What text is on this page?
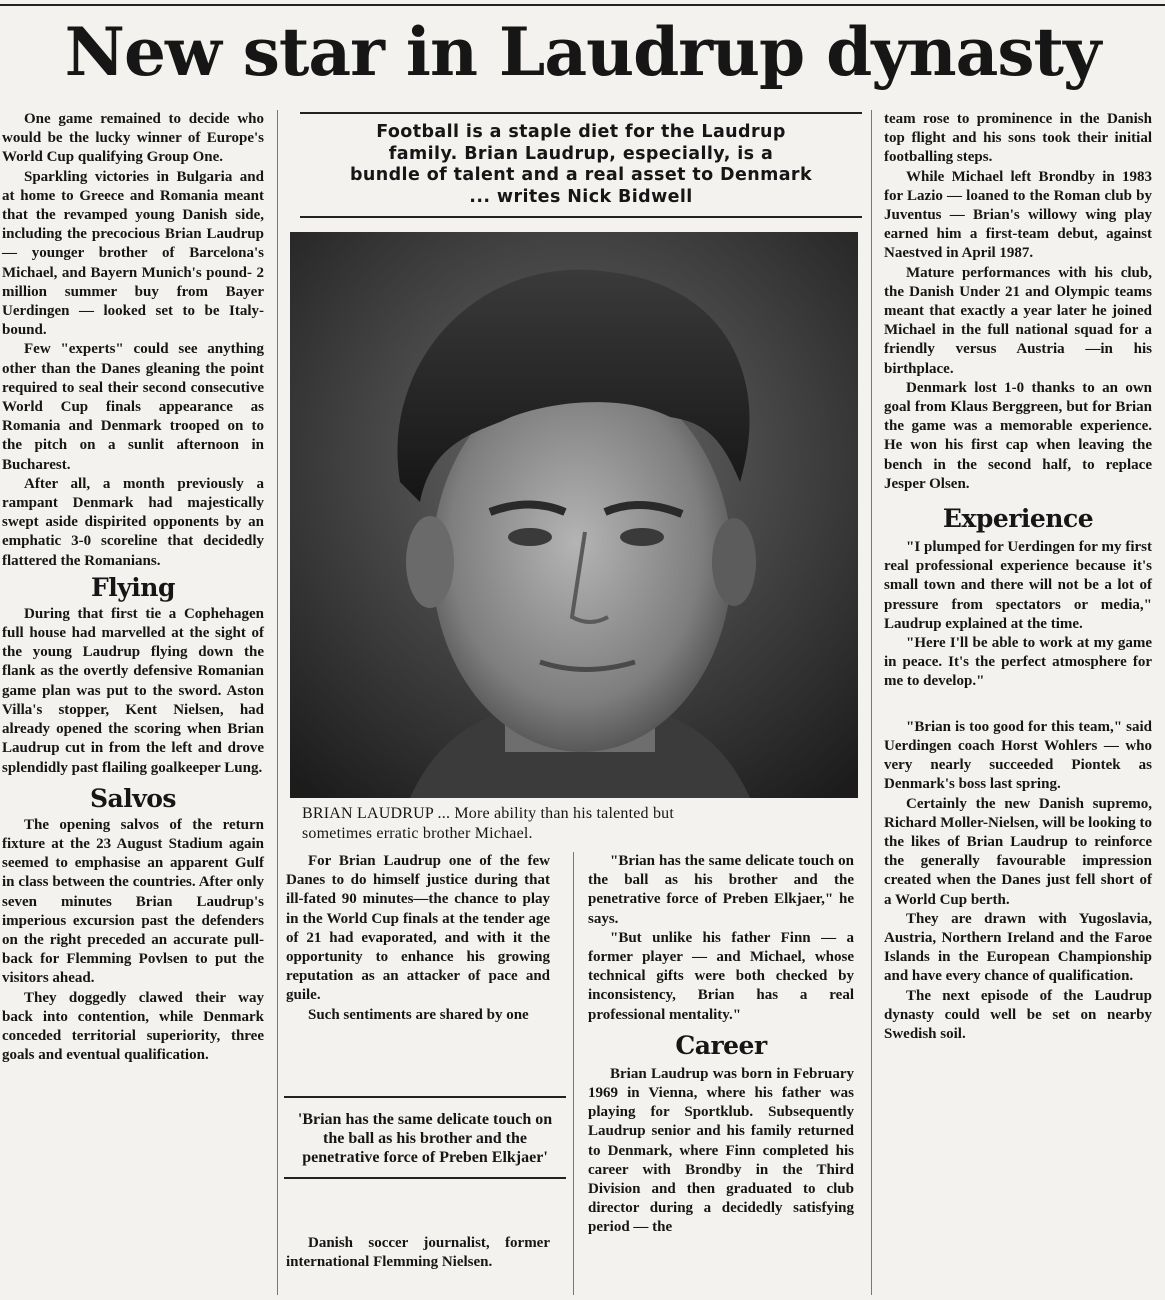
New star in Laudrup dynasty

One game remained to decide who would be the lucky winner of Europe's World Cup qualifying Group One.

Sparkling victories in Bulgaria and at home to Greece and Romania meant that the revamped young Danish side, including the precocious Brian Laudrup — younger brother of Barcelona's Michael, and Bayern Munich's pound- 2 million summer buy from Bayer Uerdingen — looked set to be Italy-bound.

Few "experts" could see anything other than the Danes gleaning the point required to seal their second consecutive World Cup finals appearance as Romania and Denmark trooped on to the pitch on a sunlit afternoon in Bucharest.

After all, a month previously a rampant Denmark had majestically swept aside dispirited opponents by an emphatic 3-0 scoreline that decidedly flattered the Romanians.

Flying

During that first tie a Cophehagen full house had marvelled at the sight of the young Laudrup flying down the flank as the overtly defensive Romanian game plan was put to the sword. Aston Villa's stopper, Kent Nielsen, had already opened the scoring when Brian Laudrup cut in from the left and drove splendidly past flailing goalkeeper Lung.

Salvos

The opening salvos of the return fixture at the 23 August Stadium again seemed to emphasise an apparent Gulf in class between the countries. After only seven minutes Brian Laudrup's imperious excursion past the defenders on the right preceded an accurate pull-back for Flemming Povlsen to put the visitors ahead.

They doggedly clawed their way back into contention, while Denmark conceded territorial superiority, three goals and eventual qualification.

Football is a staple diet for the Laudrup
family. Brian Laudrup, especially, is a
bundle of talent and a real asset to Denmark
... writes Nick Bidwell
BRIAN LAUDRUP ... More ability than his talented but
sometimes erratic brother Michael.

For Brian Laudrup one of the few Danes to do himself justice during that ill-fated 90 minutes—the chance to play in the World Cup finals at the tender age of 21 had evaporated, and with it the opportunity to enhance his growing reputation as an attacker of pace and guile.

Such sentiments are shared by one

'Brian has the same delicate touch on the ball as his brother and the penetrative force of Preben Elkjaer'

Danish soccer journalist, former international Flemming Nielsen.

"Brian has the same delicate touch on the ball as his brother and the penetrative force of Preben Elkjaer," he says.

"But unlike his father Finn — a former player — and Michael, whose technical gifts were both checked by inconsistency, Brian has a real professional mentality."

Career

Brian Laudrup was born in February 1969 in Vienna, where his father was playing for Sportklub. Subsequently Laudrup senior and his family returned to Denmark, where Finn completed his career with Brondby in the Third Division and then graduated to club director during a decidedly satisfying period — the

team rose to prominence in the Danish top flight and his sons took their initial footballing steps.

While Michael left Brondby in 1983 for Lazio — loaned to the Roman club by Juventus — Brian's willowy wing play earned him a first-team debut, against Naestved in April 1987.

Mature performances with his club, the Danish Under 21 and Olympic teams meant that exactly a year later he joined Michael in the full national squad for a friendly versus Austria —in his birthplace.

Denmark lost 1-0 thanks to an own goal from Klaus Berggreen, but for Brian the game was a memorable experience. He won his first cap when leaving the bench in the second half, to replace Jesper Olsen.

Experience

"I plumped for Uerdingen for my first real professional experience because it's small town and there will not be a lot of pressure from spectators or media," Laudrup explained at the time.

"Here I'll be able to work at my game in peace. It's the perfect atmosphere for me to develop."

"Brian is too good for this team," said Uerdingen coach Horst Wohlers — who very nearly succeeded Piontek as Denmark's boss last spring.

Certainly the new Danish supremo, Richard Moller-Nielsen, will be looking to the likes of Brian Laudrup to reinforce the generally favourable impression created when the Danes just fell short of a World Cup berth.

They are drawn with Yugoslavia, Austria, Northern Ireland and the Faroe Islands in the European Championship and have every chance of qualification.

The next episode of the Laudrup dynasty could well be set on nearby Swedish soil.
